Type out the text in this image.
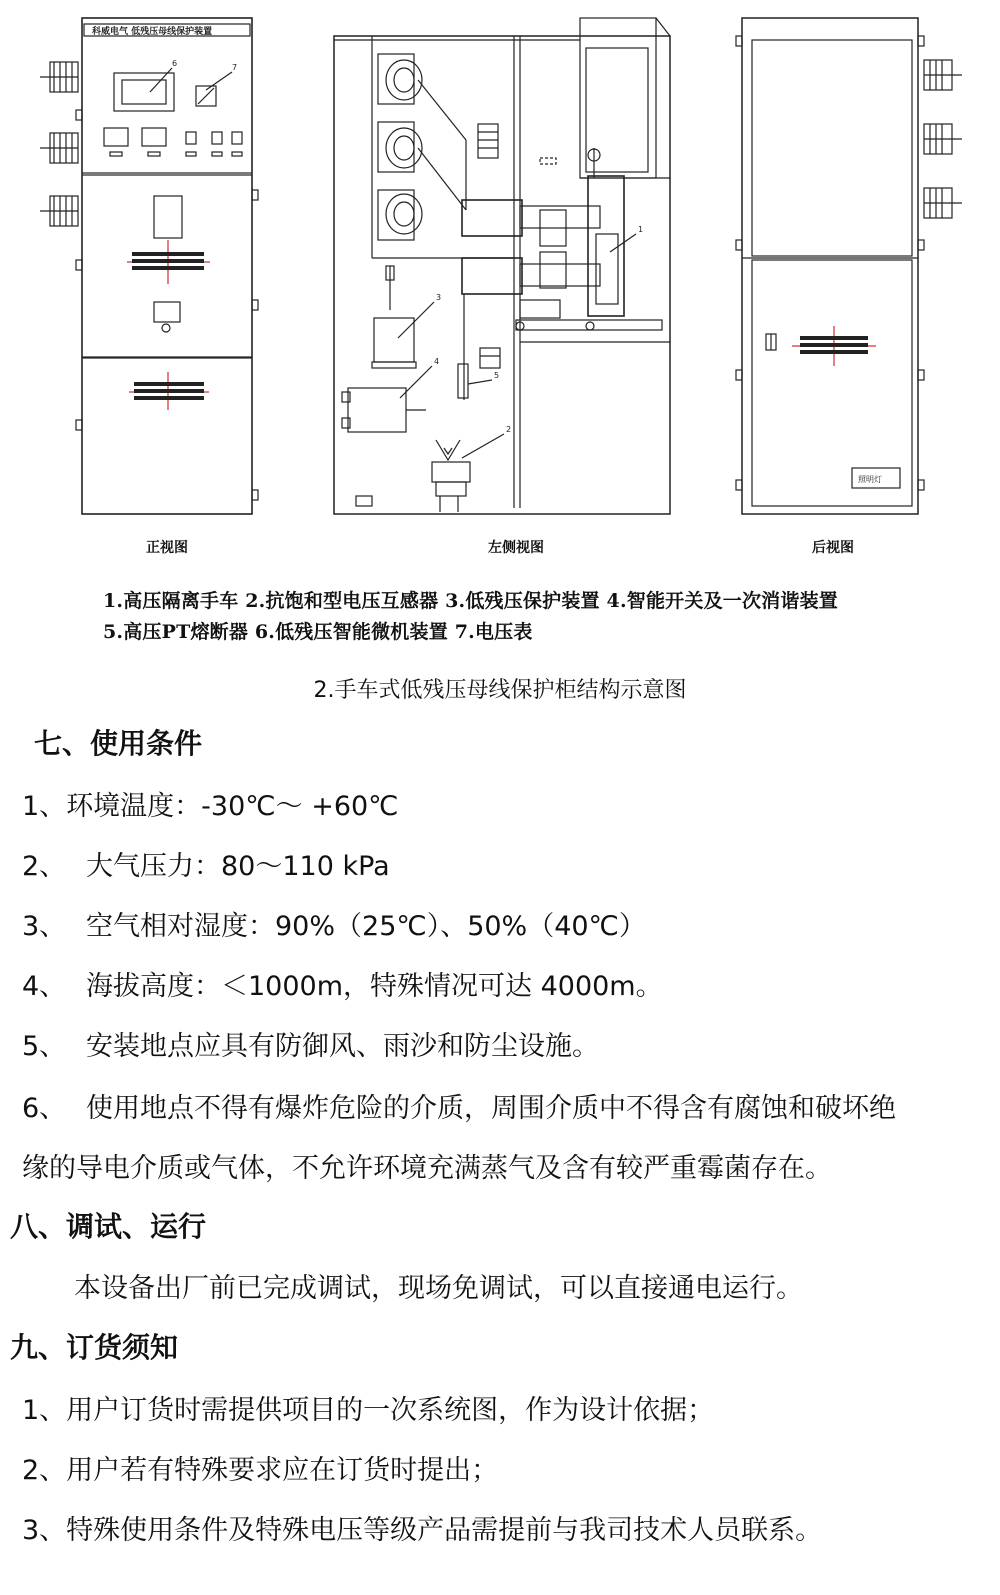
科威电气 低残压母线保护装置
6	7
1
3
4
5
2
照明灯
正视图	左侧视图	后视图
1.高压隔离手车 2.抗饱和型电压互感器 3.低残压保护装置 4.智能开关及一次消谐装置
5.高压PT熔断器 6.低残压智能微机装置 7.电压表
2.手车式低残压母线保护柜结构示意图
七、使用条件
1、环境温度：-30℃～ +60℃
2、 大气压力：80～110 kPa
3、 空气相对湿度：90%（25℃）、50%（40℃）
4、 海拔高度：＜1000m，特殊情况可达 4000m。
5、 安装地点应具有防御风、雨沙和防尘设施。
6、 使用地点不得有爆炸危险的介质，周围介质中不得含有腐蚀和破坏绝
缘的导电介质或气体，不允许环境充满蒸气及含有较严重霉菌存在。
八、调试、运行
本设备出厂前已完成调试，现场免调试，可以直接通电运行。
九、订货须知
1、用户订货时需提供项目的一次系统图，作为设计依据；
2、用户若有特殊要求应在订货时提出；
3、特殊使用条件及特殊电压等级产品需提前与我司技术人员联系。
